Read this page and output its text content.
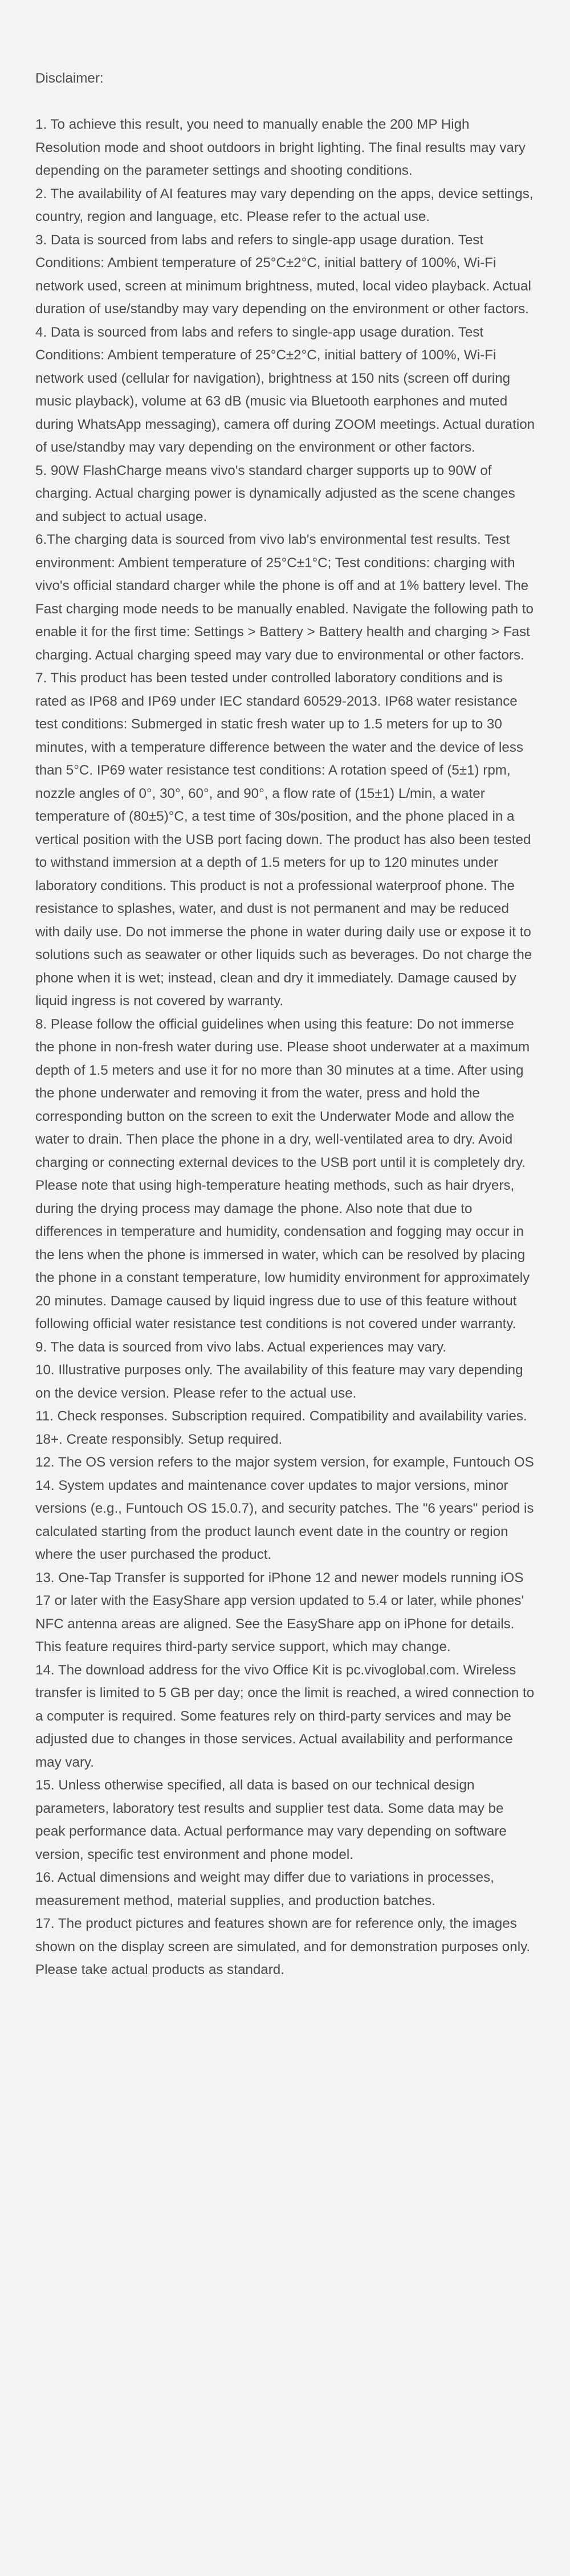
Disclaimer:

1. To achieve this result, you need to manually enable the 200 MP High Resolution mode and shoot outdoors in bright lighting. The final results may vary depending on the parameter settings and shooting conditions.

2. The availability of AI features may vary depending on the apps, device settings, country, region and language, etc. Please refer to the actual use.

3. Data is sourced from labs and refers to single-app usage duration. Test Conditions: Ambient temperature of 25°C±2°C, initial battery of 100%, Wi-Fi network used, screen at minimum brightness, muted, local video playback. Actual duration of use/standby may vary depending on the environment or other factors.

4. Data is sourced from labs and refers to single-app usage duration. Test Conditions: Ambient temperature of 25°C±2°C, initial battery of 100%, Wi-Fi network used (cellular for navigation), brightness at 150 nits (screen off during music playback), volume at 63 dB (music via Bluetooth earphones and muted during WhatsApp messaging), camera off during ZOOM meetings. Actual duration of use/standby may vary depending on the environment or other factors.

5. 90W FlashCharge means vivo's standard charger supports up to 90W of charging. Actual charging power is dynamically adjusted as the scene changes and subject to actual usage.

6.The charging data is sourced from vivo lab's environmental test results. Test environment: Ambient temperature of 25°C±1°C; Test conditions: charging with vivo's official standard charger while the phone is off and at 1% battery level. The Fast charging mode needs to be manually enabled. Navigate the following path to enable it for the first time: Settings > Battery > Battery health and charging > Fast charging. Actual charging speed may vary due to environmental or other factors.

7. This product has been tested under controlled laboratory conditions and is rated as IP68 and IP69 under IEC standard 60529-2013. IP68 water resistance test conditions: Submerged in static fresh water up to 1.5 meters for up to 30 minutes, with a temperature difference between the water and the device of less than 5°C. IP69 water resistance test conditions: A rotation speed of (5±1) rpm, nozzle angles of 0°, 30°, 60°, and 90°, a flow rate of (15±1) L/min, a water temperature of (80±5)°C, a test time of 30s/position, and the phone placed in a vertical position with the USB port facing down. The product has also been tested to withstand immersion at a depth of 1.5 meters for up to 120 minutes under laboratory conditions. This product is not a professional waterproof phone. The resistance to splashes, water, and dust is not permanent and may be reduced with daily use. Do not immerse the phone in water during daily use or expose it to solutions such as seawater or other liquids such as beverages. Do not charge the phone when it is wet; instead, clean and dry it immediately. Damage caused by liquid ingress is not covered by warranty.

8. Please follow the official guidelines when using this feature: Do not immerse the phone in non-fresh water during use. Please shoot underwater at a maximum depth of 1.5 meters and use it for no more than 30 minutes at a time. After using the phone underwater and removing it from the water, press and hold the corresponding button on the screen to exit the Underwater Mode and allow the water to drain. Then place the phone in a dry, well-ventilated area to dry. Avoid charging or connecting external devices to the USB port until it is completely dry. Please note that using high-temperature heating methods, such as hair dryers, during the drying process may damage the phone. Also note that due to differences in temperature and humidity, condensation and fogging may occur in the lens when the phone is immersed in water, which can be resolved by placing the phone in a constant temperature, low humidity environment for approximately 20 minutes. Damage caused by liquid ingress due to use of this feature without following official water resistance test conditions is not covered under warranty.

9. The data is sourced from vivo labs. Actual experiences may vary.

10. Illustrative purposes only. The availability of this feature may vary depending on the device version. Please refer to the actual use.

11. Check responses. Subscription required. Compatibility and availability varies. 18+. Create responsibly. Setup required.

12. The OS version refers to the major system version, for example, Funtouch OS 14. System updates and maintenance cover updates to major versions, minor versions (e.g., Funtouch OS 15.0.7), and security patches. The "6 years" period is calculated starting from the product launch event date in the country or region where the user purchased the product.

13. One-Tap Transfer is supported for iPhone 12 and newer models running iOS 17 or later with the EasyShare app version updated to 5.4 or later, while phones' NFC antenna areas are aligned. See the EasyShare app on iPhone for details. This feature requires third-party service support, which may change.

14. The download address for the vivo Office Kit is pc.vivoglobal.com. Wireless transfer is limited to 5 GB per day; once the limit is reached, a wired connection to a computer is required. Some features rely on third-party services and may be adjusted due to changes in those services. Actual availability and performance may vary.

15. Unless otherwise specified, all data is based on our technical design parameters, laboratory test results and supplier test data. Some data may be peak performance data. Actual performance may vary depending on software version, specific test environment and phone model.

16. Actual dimensions and weight may differ due to variations in processes, measurement method, material supplies, and production batches.

17. The product pictures and features shown are for reference only, the images shown on the display screen are simulated, and for demonstration purposes only. Please take actual products as standard.
